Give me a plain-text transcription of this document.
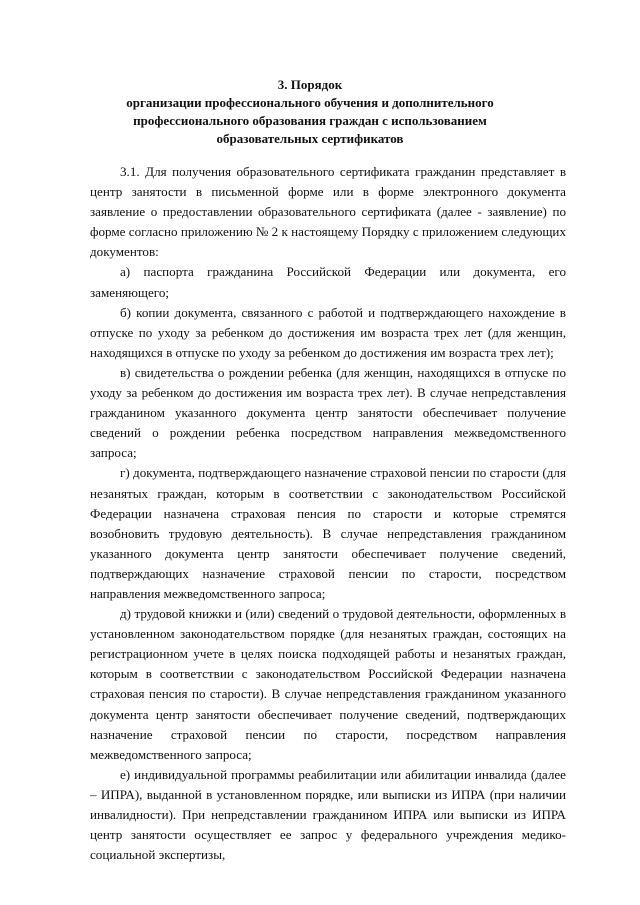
3. Порядок
организации профессионального обучения и дополнительного
профессионального образования граждан с использованием
образовательных сертификатов

3.1. Для получения образовательного сертификата гражданин представляет в центр занятости в письменной форме или в форме электронного документа заявление о предоставлении образовательного сертификата (далее - заявление) по форме согласно приложению № 2 к настоящему Порядку с приложением следующих документов:

а) паспорта гражданина Российской Федерации или документа, его заменяющего;

б) копии документа, связанного с работой и подтверждающего нахождение в отпуске по уходу за ребенком до достижения им возраста трех лет (для женщин, находящихся в отпуске по уходу за ребенком до достижения им возраста трех лет);

в) свидетельства о рождении ребенка (для женщин, находящихся в отпуске по уходу за ребенком до достижения им возраста трех лет). В случае непредставления гражданином указанного документа центр занятости обеспечивает получение сведений о рождении ребенка посредством направления межведомственного запроса;

г) документа, подтверждающего назначение страховой пенсии по старости (для незанятых граждан, которым в соответствии с законодательством Российской Федерации назначена страховая пенсия по старости и которые стремятся возобновить трудовую деятельность). В случае непредставления гражданином указанного документа центр занятости обеспечивает получение сведений, подтверждающих назначение страховой пенсии по старости, посредством направления межведомственного запроса;

д) трудовой книжки и (или) сведений о трудовой деятельности, оформленных в установленном законодательством порядке (для незанятых граждан, состоящих на регистрационном учете в целях поиска подходящей работы и незанятых граждан, которым в соответствии с законодательством Российской Федерации назначена страховая пенсия по старости). В случае непредставления гражданином указанного документа центр занятости обеспечивает получение сведений, подтверждающих назначение страховой пенсии по старости, посредством направления межведомственного запроса;

е) индивидуальной программы реабилитации или абилитации инвалида (далее – ИПРА), выданной в установленном порядке, или выписки из ИПРА (при наличии инвалидности). При непредставлении гражданином ИПРА или выписки из ИПРА центр занятости осуществляет ее запрос у федерального учреждения медико-социальной экспертизы,
